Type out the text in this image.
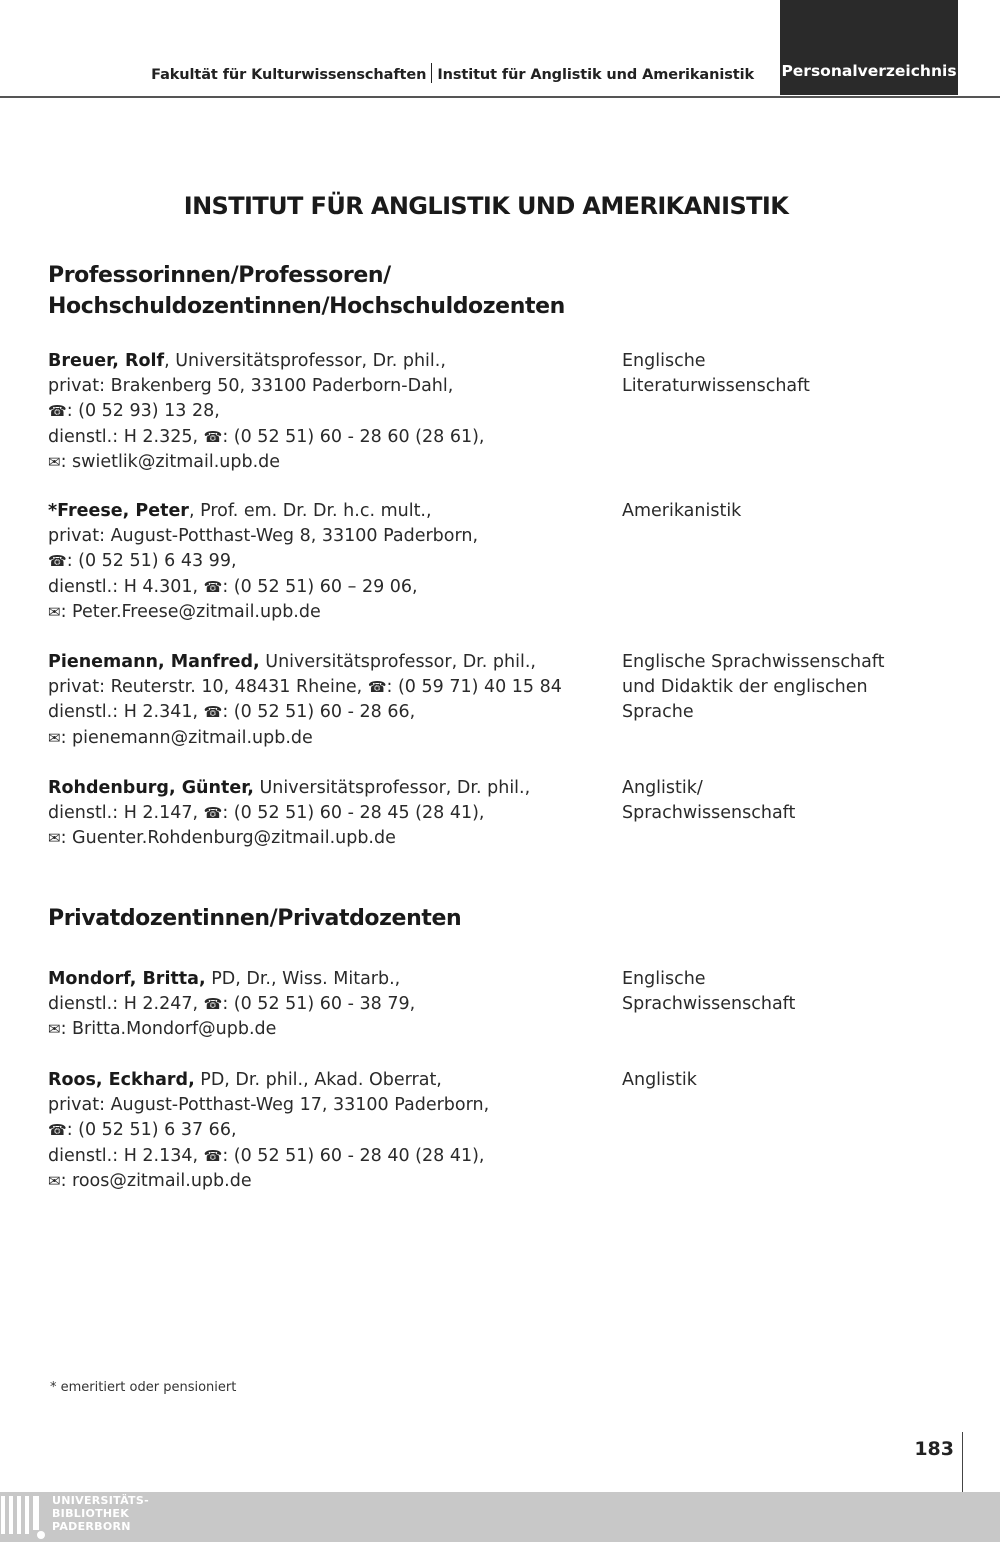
Fakultät für Kulturwissenschaften Institut für Anglistik und Amerikanistik Personalverzeichnis
INSTITUT FÜR ANGLISTIK UND AMERIKANISTIK
Professorinnen/Professoren/
Hochschuldozentinnen/Hochschuldozenten
Breuer, Rolf, Universitätsprofessor, Dr. phil.,
privat: Brakenberg 50, 33100 Paderborn-Dahl,
☎: (0 52 93) 13 28,
dienstl.: H 2.325, ☎: (0 52 51) 60 - 28 60 (28 61),
✉: swietlik@zitmail.upb.de
Englische
Literaturwissenschaft
*Freese, Peter, Prof. em. Dr. Dr. h.c. mult.,
privat: August-Potthast-Weg 8, 33100 Paderborn,
☎: (0 52 51) 6 43 99,
dienstl.: H 4.301, ☎: (0 52 51) 60 – 29 06,
✉: Peter.Freese@zitmail.upb.de
Amerikanistik
Pienemann, Manfred, Universitätsprofessor, Dr. phil.,
privat: Reuterstr. 10, 48431 Rheine, ☎: (0 59 71) 40 15 84
dienstl.: H 2.341, ☎: (0 52 51) 60 - 28 66,
✉: pienemann@zitmail.upb.de
Englische Sprachwissenschaft
und Didaktik der englischen
Sprache
Rohdenburg, Günter, Universitätsprofessor, Dr. phil.,
dienstl.: H 2.147, ☎: (0 52 51) 60 - 28 45 (28 41),
✉: Guenter.Rohdenburg@zitmail.upb.de
Anglistik/
Sprachwissenschaft
Privatdozentinnen/Privatdozenten
Mondorf, Britta, PD, Dr., Wiss. Mitarb.,
dienstl.: H 2.247, ☎: (0 52 51) 60 - 38 79,
✉: Britta.Mondorf@upb.de
Englische
Sprachwissenschaft
Roos, Eckhard, PD, Dr. phil., Akad. Oberrat,
privat: August-Potthast-Weg 17, 33100 Paderborn,
☎: (0 52 51) 6 37 66,
dienstl.: H 2.134, ☎: (0 52 51) 60 - 28 40 (28 41),
✉: roos@zitmail.upb.de
Anglistik
* emeritiert oder pensioniert
183
UNIVERSITÄTS-
BIBLIOTHEK
PADERBORN
